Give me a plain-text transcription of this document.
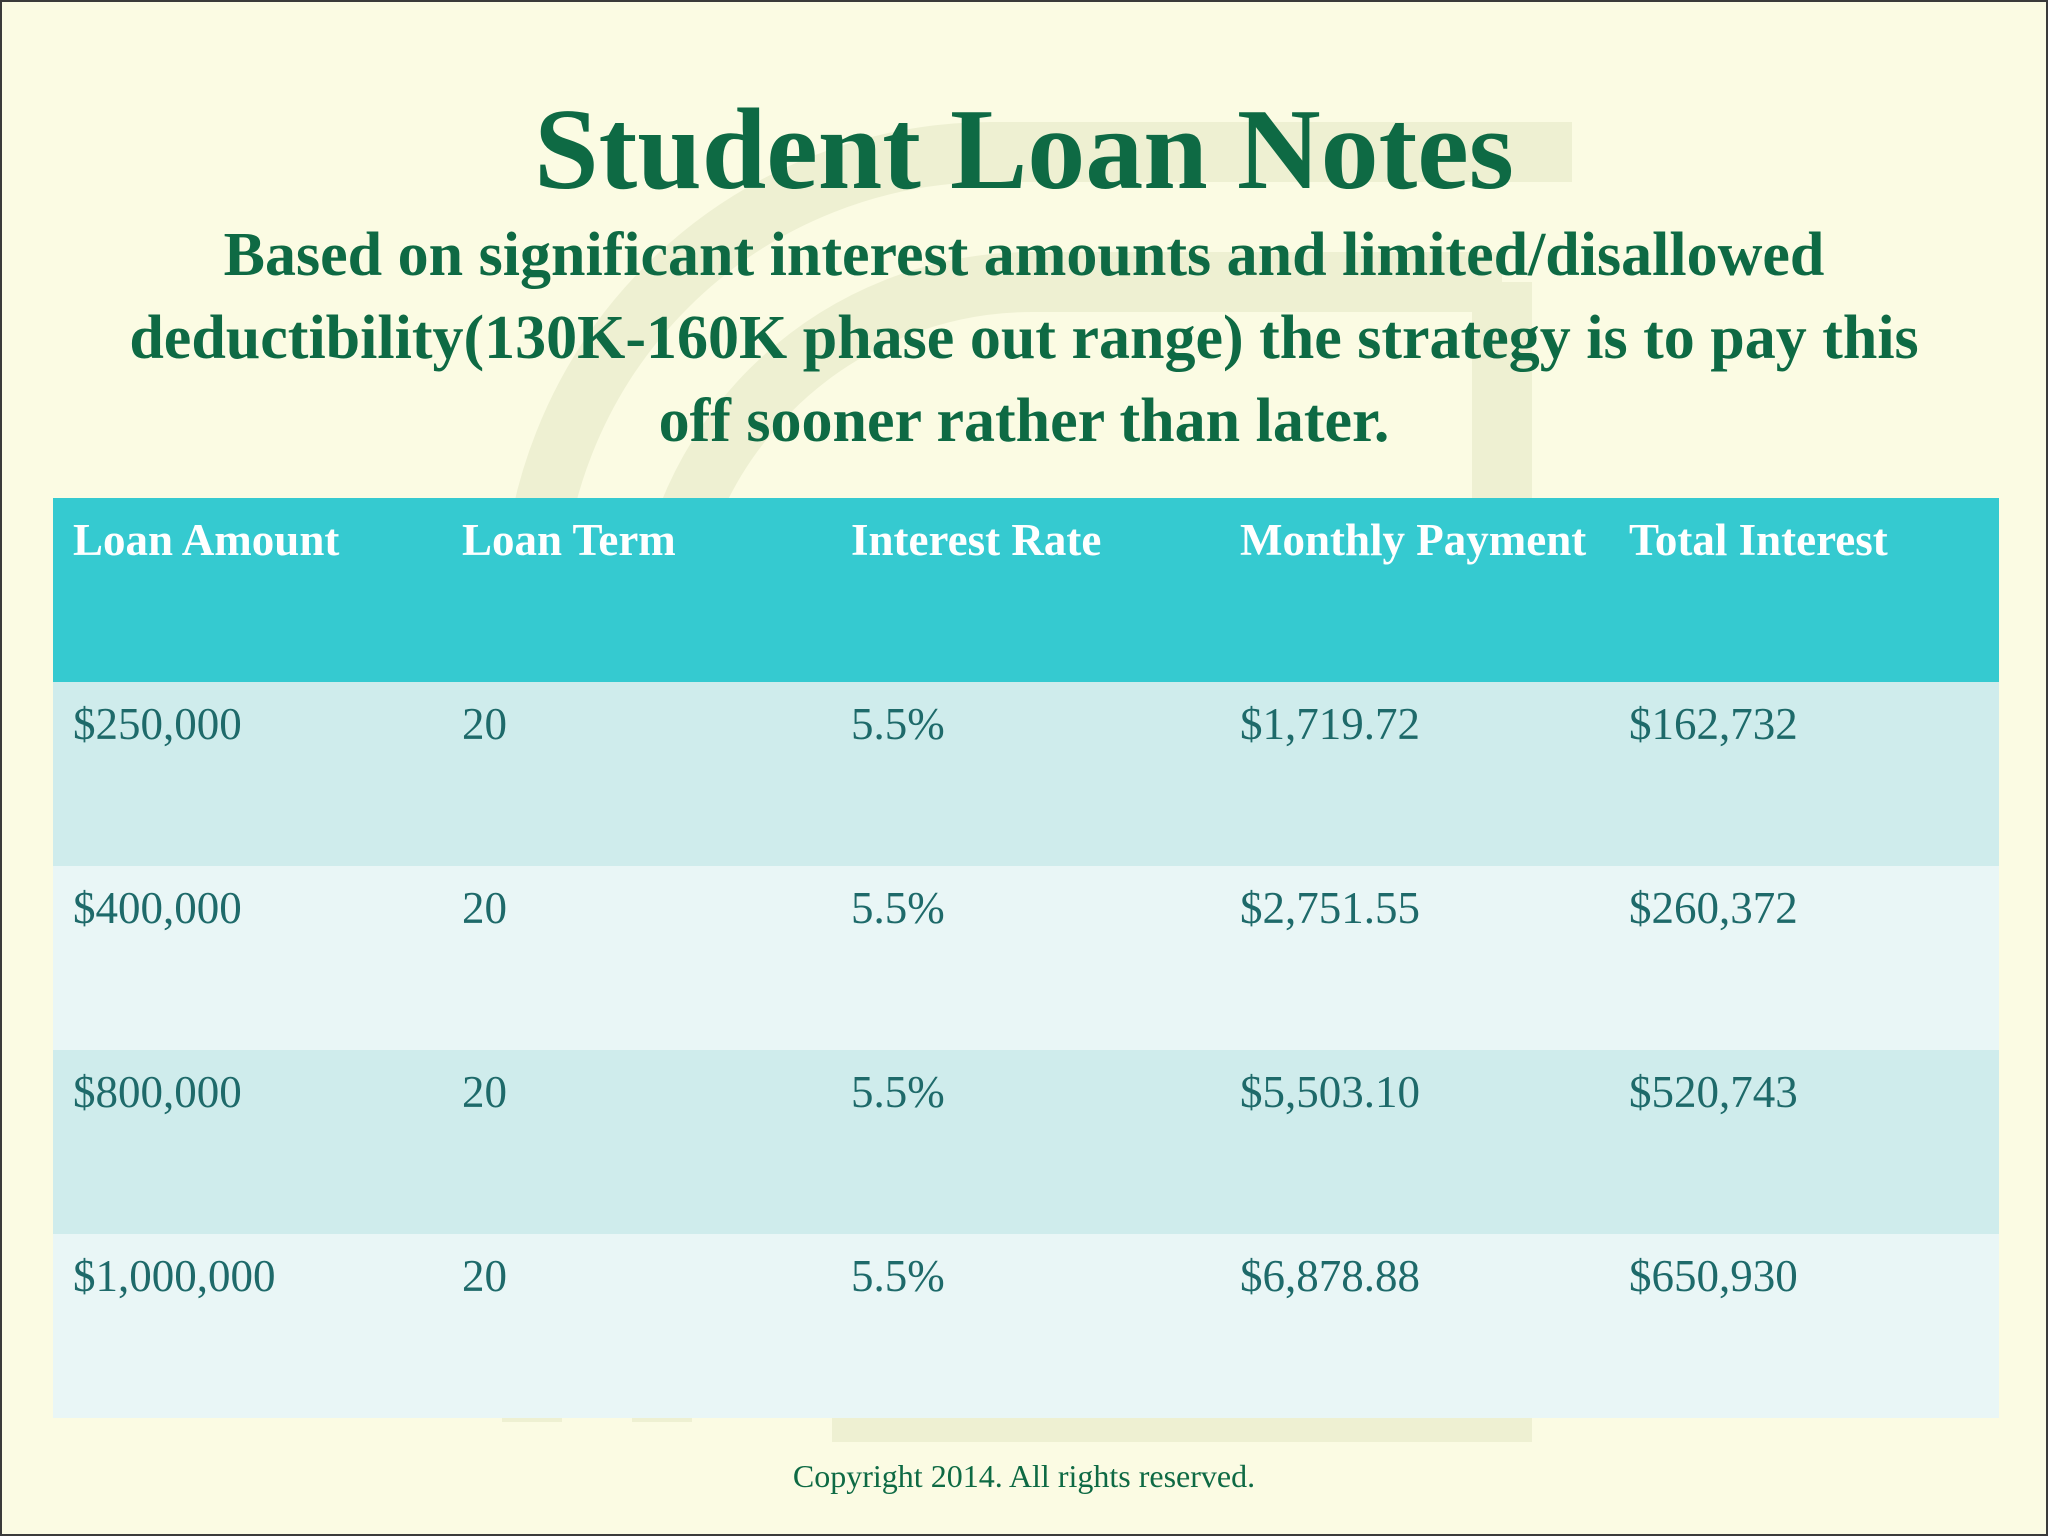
Student Loan Notes

Based on significant interest amounts and limited/disallowed deductibility(130K-160K phase out range) the strategy is to pay this off sooner rather than later.

Loan Amount	Loan Term	Interest Rate	Monthly Payment	Total Interest
$250,000	20	5.5%	$1,719.72	$162,732
$400,000	20	5.5%	$2,751.55	$260,372
$800,000	20	5.5%	$5,503.10	$520,743
$1,000,000	20	5.5%	$6,878.88	$650,930
Copyright 2014. All rights reserved.
